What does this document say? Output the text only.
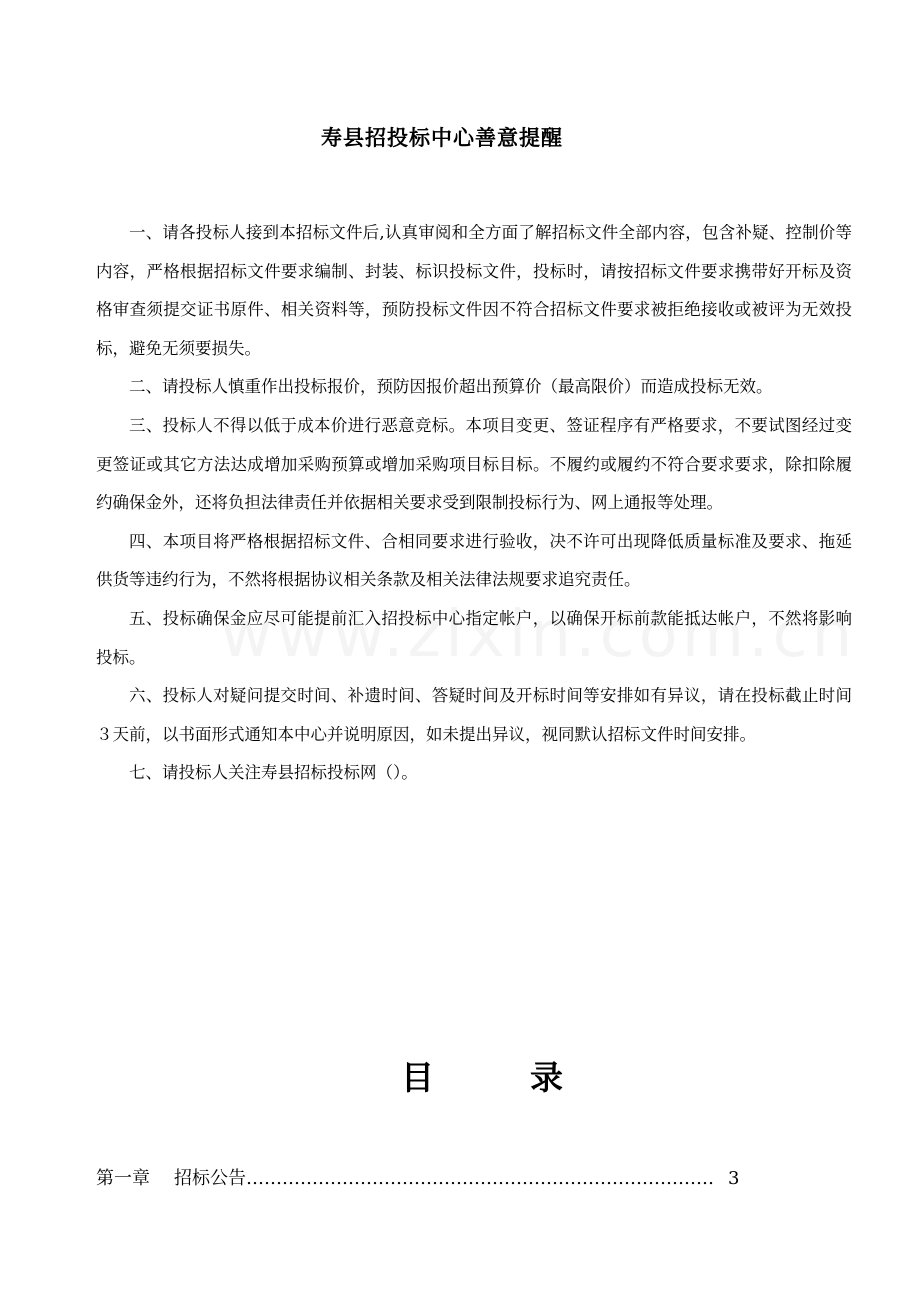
寿县招投标中心善意提醒

一、请各投标人接到本招标文件后,认真审阅和全方面了解招标文件全部内容，包含补疑、控制价等内容，严格根据招标文件要求编制、封装、标识投标文件，投标时，请按招标文件要求携带好开标及资格审查须提交证书原件、相关资料等，预防投标文件因不符合招标文件要求被拒绝接收或被评为无效投标，避免无须要损失。

二、请投标人慎重作出投标报价，预防因报价超出预算价（最高限价）而造成投标无效。

三、投标人不得以低于成本价进行恶意竞标。本项目变更、签证程序有严格要求，不要试图经过变更签证或其它方法达成增加采购预算或增加采购项目标目标。不履约或履约不符合要求要求，除扣除履约确保金外，还将负担法律责任并依据相关要求受到限制投标行为、网上通报等处理。

四、本项目将严格根据招标文件、合相同要求进行验收，决不许可出现降低质量标准及要求、拖延供货等违约行为，不然将根据协议相关条款及相关法律法规要求追究责任。

五、投标确保金应尽可能提前汇入招投标中心指定帐户，以确保开标前款能抵达帐户，不然将影响投标。

六、投标人对疑问提交时间、补遗时间、答疑时间及开标时间等安排如有异议，请在投标截止时间３天前，以书面形式通知本中心并说明原因，如未提出异议，视同默认招标文件时间安排。

七、请投标人关注寿县招标投标网（）。

目	录
第一章 招标公告 …………………………………………………………………… 3
